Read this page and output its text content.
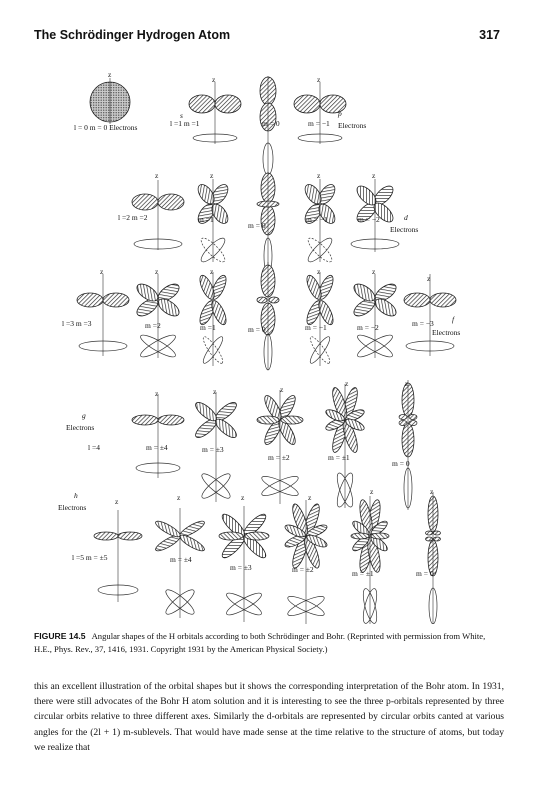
The Schrödinger Hydrogen Atom	317
z
z	z
s
l = 0 m = 0 Electrons	l =1 m =1	m = 0	m = −1
p
Electrons
z	z	z	z
l =2 m =2	m =1
m = 0
m = −1	m = −2	d
Electrons
z	z	z	z	z
z
l =3 m =3	m =2	m =1	m = 0	m = −1	m = −2	m = −3 f
Electrons
z	z	z
z	z
g
Electrons
l =4	m = ±4	m = ±3
m = ±2	m = ±1
m = 0
z	z	z	z
z	z
h
Electrons
l =5 m = ±5	m = ±4
m = ±3	m = ±2	m = ±1	m = 0
FIGURE 14.5 Angular shapes of the H orbitals according to both Schrödinger and Bohr. (Reprinted with permission from White, H.E., Phys. Rev., 37, 1416, 1931. Copyright 1931 by the American Physical Society.)
this an excellent illustration of the orbital shapes but it shows the corresponding interpretation of the Bohr atom. In 1931, there were still advocates of the Bohr H atom solution and it is interesting to see the three p-orbitals represented by three circular orbits relative to three different axes. Similarly the d-orbitals are represented by circular orbits canted at various angles for the (2l + 1) m-sublevels. That would have made sense at the time relative to the structure of atoms, but today we realize that
